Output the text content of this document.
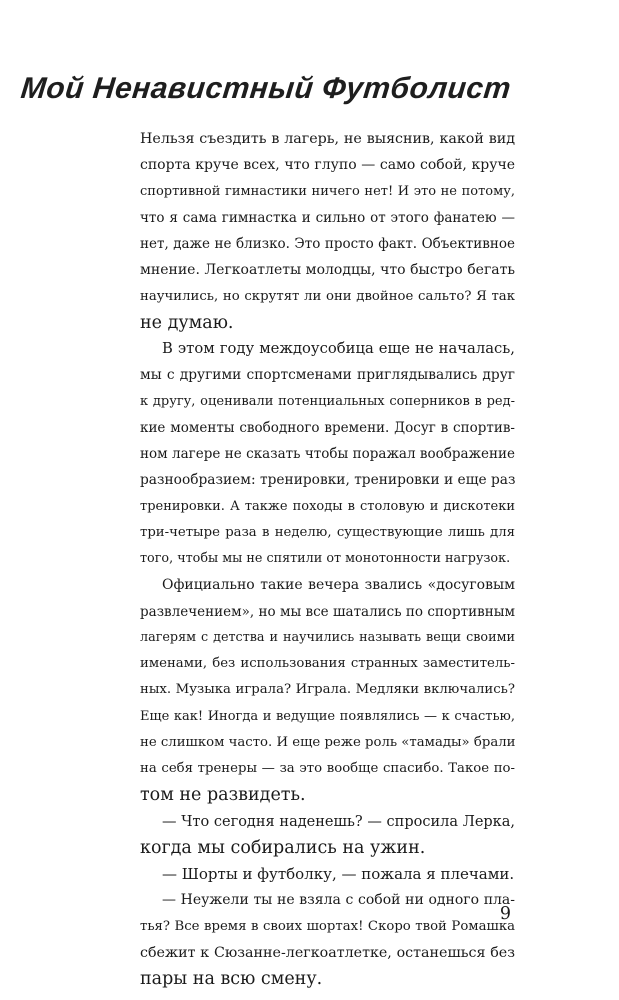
Мой Ненавистный Футболист
Нельзя съездить в лагерь, не выяснив, какой вид
спорта круче всех, что глупо — само собой, круче
спортивной гимнастики ничего нет! И это не потому,
что я сама гимнастка и сильно от этого фанатею —
нет, даже не близко. Это просто факт. Объективное
мнение. Легкоатлеты молодцы, что быстро бегать
научились, но скрутят ли они двойное сальто? Я так
не думаю.
В этом году междоусобица еще не началась,
мы с другими спортсменами приглядывались друг
к другу, оценивали потенциальных соперников в ред-
кие моменты свободного времени. Досуг в спортив-
ном лагере не сказать чтобы поражал воображение
разнообразием: тренировки, тренировки и еще раз
тренировки. А также походы в столовую и дискотеки
три-четыре раза в неделю, существующие лишь для
того, чтобы мы не спятили от монотонности нагрузок.
Официально такие вечера звались «досуговым
развлечением», но мы все шатались по спортивным
лагерям с детства и научились называть вещи своими
именами, без использования странных заместитель-
ных. Музыка играла? Играла. Медляки включались?
Еще как! Иногда и ведущие появлялись — к счастью,
не слишком часто. И еще реже роль «тамады» брали
на себя тренеры — за это вообще спасибо. Такое по-
том не развидеть.
— Что сегодня наденешь? — спросила Лерка,
когда мы собирались на ужин.
— Шорты и футболку, — пожала я плечами.
— Неужели ты не взяла с собой ни одного пла-
тья? Все время в своих шортах! Скоро твой Ромашка
сбежит к Сюзанне-легкоатлетке, останешься без
пары на всю смену.
9
